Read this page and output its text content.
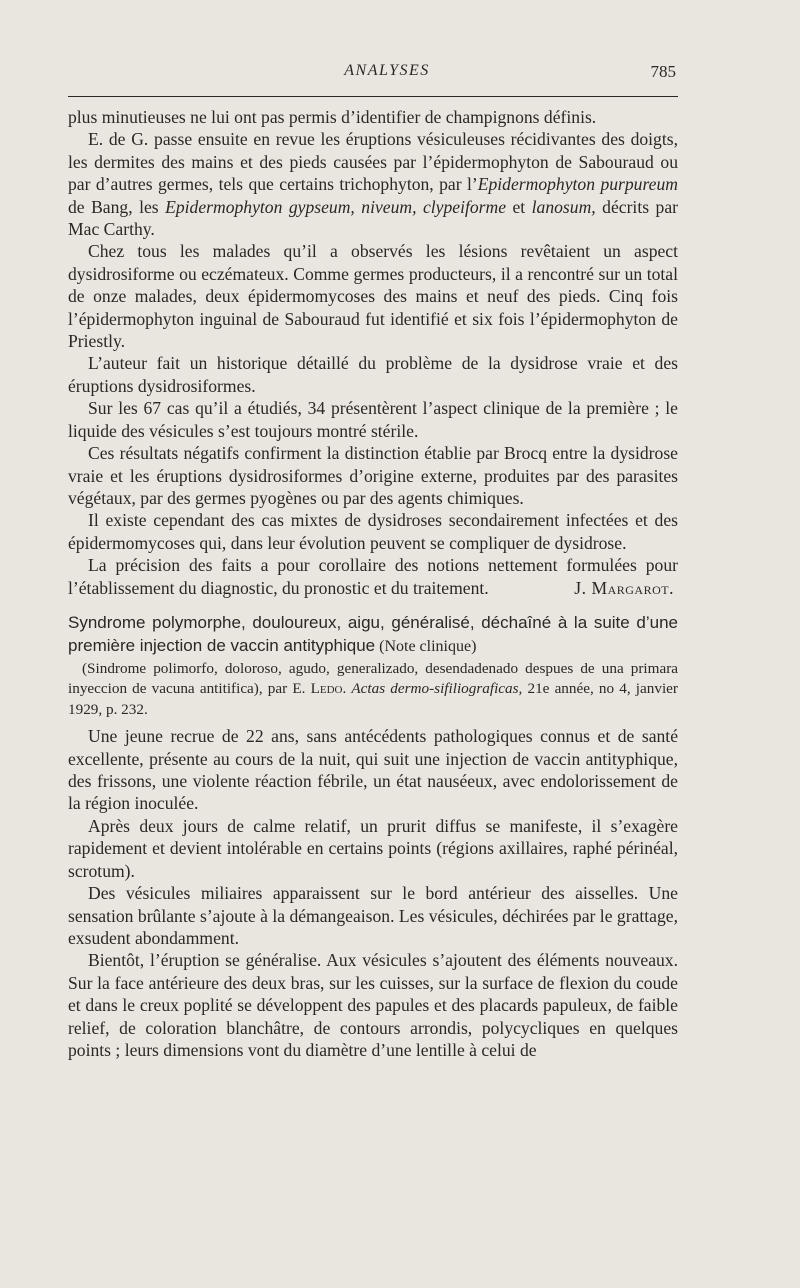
ANALYSES	785

plus minutieuses ne lui ont pas permis d’identifier de champignons définis.

E. de G. passe ensuite en revue les éruptions vésiculeuses récidivantes des doigts, les dermites des mains et des pieds causées par l’épidermophyton de Sabouraud ou par d’autres germes, tels que certains trichophyton, par l’Epidermophyton purpureum de Bang, les Epidermophyton gypseum, niveum, clypeiforme et lanosum, décrits par Mac Carthy.

Chez tous les malades qu’il a observés les lésions revêtaient un aspect dysidrosiforme ou eczémateux. Comme germes producteurs, il a rencontré sur un total de onze malades, deux épidermomycoses des mains et neuf des pieds. Cinq fois l’épidermophyton inguinal de Sabouraud fut identifié et six fois l’épidermophyton de Priestly.

L’auteur fait un historique détaillé du problème de la dysidrose vraie et des éruptions dysidrosiformes.

Sur les 67 cas qu’il a étudiés, 34 présentèrent l’aspect clinique de la première ; le liquide des vésicules s’est toujours montré stérile.

Ces résultats négatifs confirment la distinction établie par Brocq entre la dysidrose vraie et les éruptions dysidrosiformes d’origine externe, produites par des parasites végétaux, par des germes pyogènes ou par des agents chimiques.

Il existe cependant des cas mixtes de dysidroses secondairement infectées et des épidermomycoses qui, dans leur évolution peuvent se compliquer de dysidrose.

La précision des faits a pour corollaire des notions nettement formulées pour l’établissement du diagnostic, du pronostic et du traitement.	J. Margarot.

Syndrome polymorphe, douloureux, aigu, généralisé, déchaîné à la suite d’une première injection de vaccin antityphique (Note clinique)

(Sindrome polimorfo, doloroso, agudo, generalizado, desendadenado despues de una primara inyeccion de vacuna antitifica), par E. Ledo. Actas dermo-sifiliograficas, 21e année, no 4, janvier 1929, p. 232.

Une jeune recrue de 22 ans, sans antécédents pathologiques connus et de santé excellente, présente au cours de la nuit, qui suit une injection de vaccin antityphique, des frissons, une violente réaction fébrile, un état nauséeux, avec endolorissement de la région inoculée.

Après deux jours de calme relatif, un prurit diffus se manifeste, il s’exagère rapidement et devient intolérable en certains points (régions axillaires, raphé périnéal, scrotum).

Des vésicules miliaires apparaissent sur le bord antérieur des aisselles. Une sensation brûlante s’ajoute à la démangeaison. Les vésicules, déchirées par le grattage, exsudent abondamment.

Bientôt, l’éruption se généralise. Aux vésicules s’ajoutent des éléments nouveaux. Sur la face antérieure des deux bras, sur les cuisses, sur la surface de flexion du coude et dans le creux poplité se développent des papules et des placards papuleux, de faible relief, de coloration blanchâtre, de contours arrondis, polycycliques en quelques points ; leurs dimensions vont du diamètre d’une lentille à celui de
